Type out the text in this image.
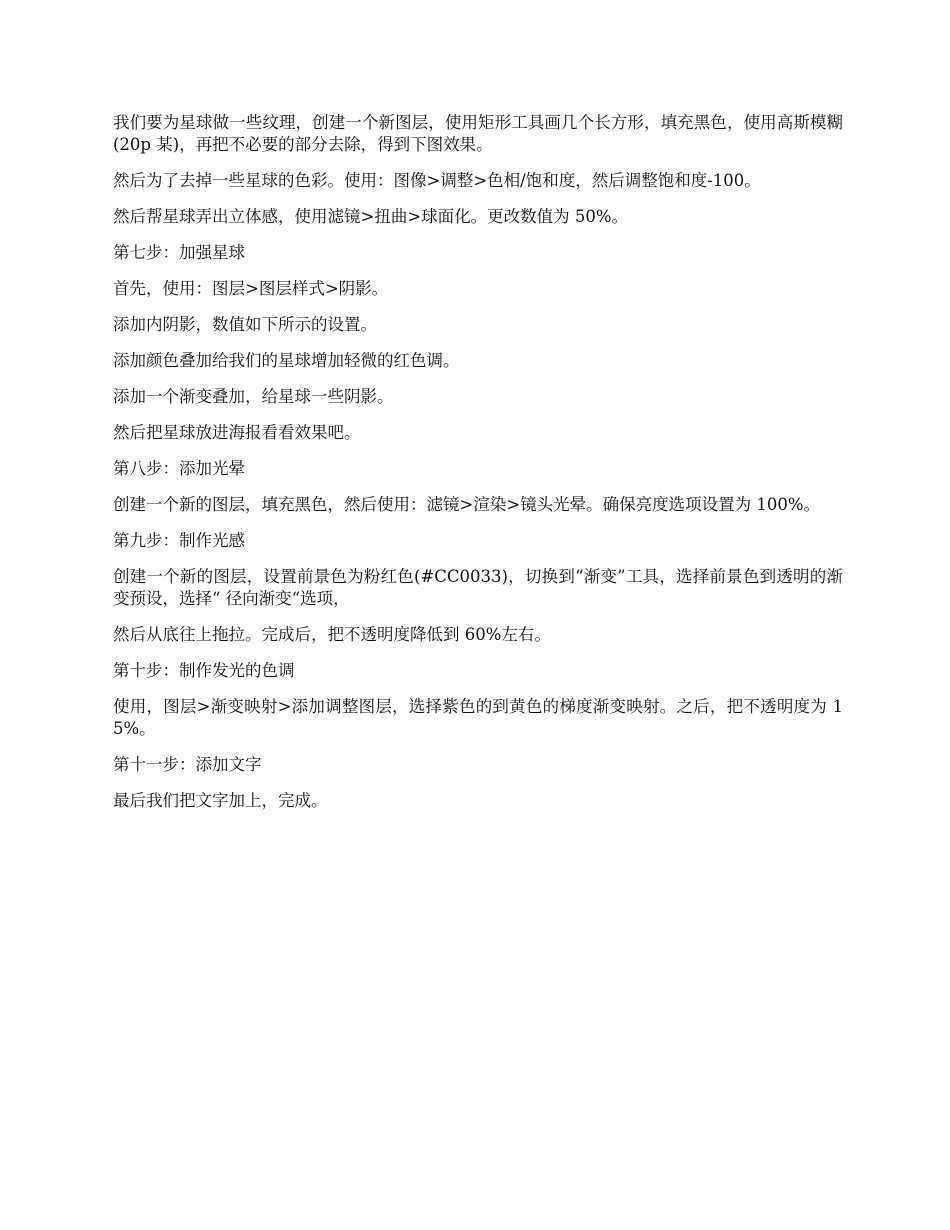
我们要为星球做一些纹理，创建一个新图层，使用矩形工具画几个长方形，填充黑色，使用高斯模糊(20p 某)，再把不必要的部分去除，得到下图效果。

然后为了去掉一些星球的色彩。使用：图像>调整>色相/饱和度，然后调整饱和度-100。

然后帮星球弄出立体感，使用滤镜>扭曲>球面化。更改数值为 50%。

第七步：加强星球

首先，使用：图层>图层样式>阴影。

添加内阴影，数值如下所示的设置。

添加颜色叠加给我们的星球增加轻微的红色调。

添加一个渐变叠加，给星球一些阴影。

然后把星球放进海报看看效果吧。

第八步：添加光晕

创建一个新的图层，填充黑色，然后使用：滤镜>渲染>镜头光晕。确保亮度选项设置为 100%。

第九步：制作光感

创建一个新的图层，设置前景色为粉红色(#CC0033)，切换到“渐变”工具，选择前景色到透明的渐变预设，选择“ 径向渐变“选项，

然后从底往上拖拉。完成后，把不透明度降低到 60%左右。

第十步：制作发光的色调

使用，图层>渐变映射>添加调整图层，选择紫色的到黄色的梯度渐变映射。之后，把不透明度为 15%。

第十一步：添加文字

最后我们把文字加上，完成。
